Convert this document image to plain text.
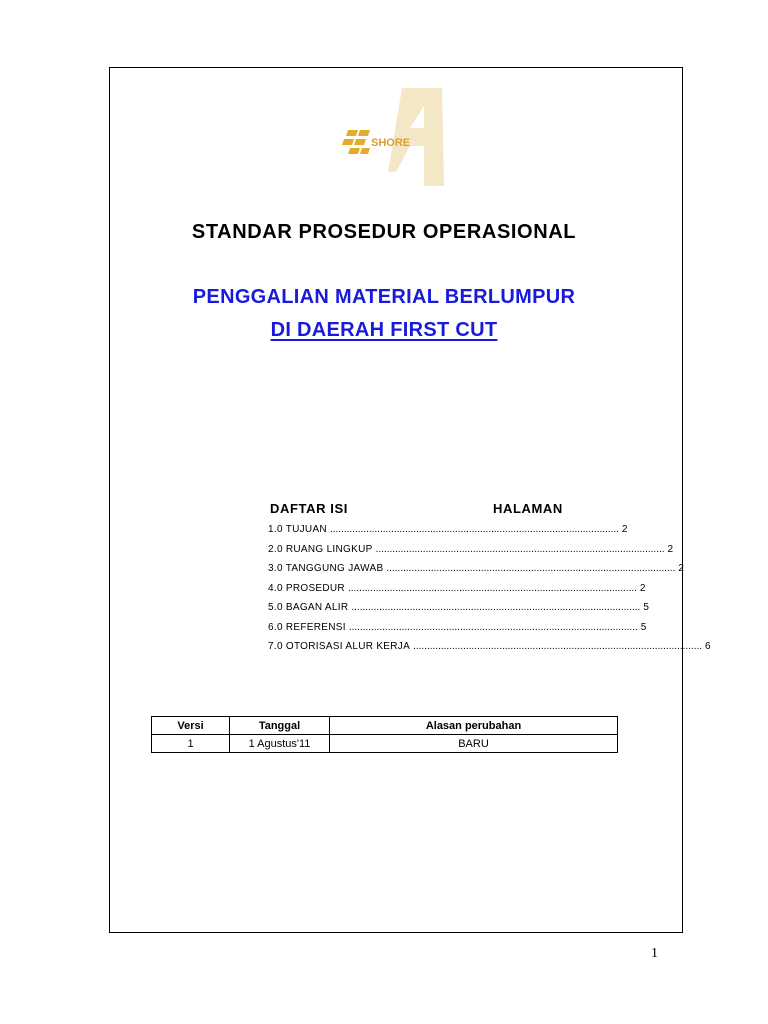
SHORE
STANDAR PROSEDUR OPERASIONAL
PENGGALIAN MATERIAL BERLUMPUR
DI DAERAH FIRST CUT
DAFTAR ISI	HALAMAN
1.0 TUJUAN ........................................................................................................ 2
2.0 RUANG LINGKUP ........................................................................................................ 2
3.0 TANGGUNG JAWAB ........................................................................................................ 2
4.0 PROSEDUR ........................................................................................................ 2
5.0 BAGAN ALIR ........................................................................................................ 5
6.0 REFERENSI ........................................................................................................ 5
7.0 OTORISASI ALUR KERJA ........................................................................................................ 6
Versi	Tanggal	Alasan perubahan
1	1 Agustus'11	BARU
1
